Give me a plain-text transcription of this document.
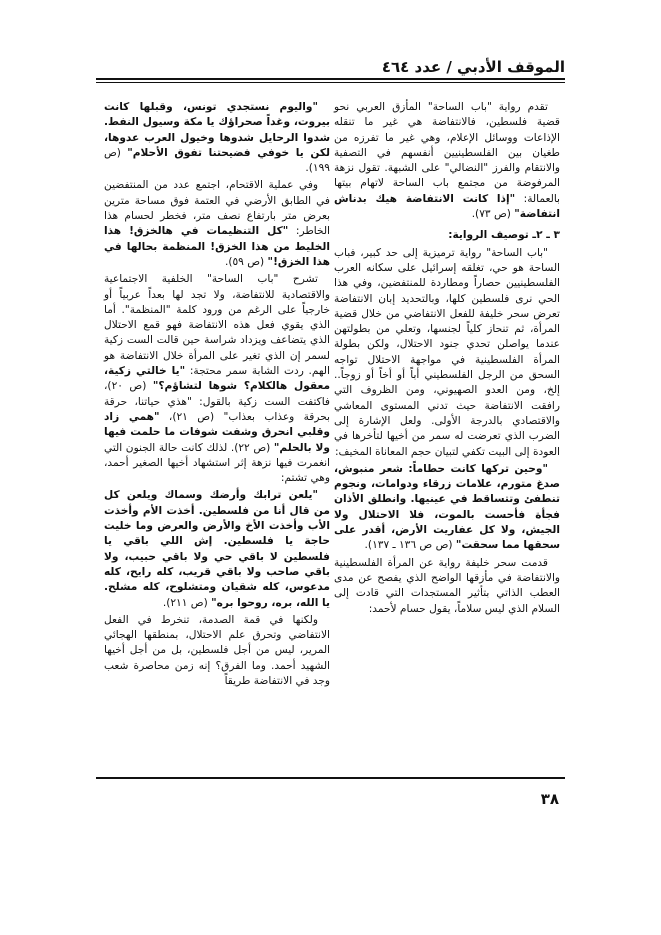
الموقف الأدبي / عدد ٤٦٤

تقدم رواية "باب الساحة" المأزق العربي نحو قضية فلسطين، فالانتفاضة هي غير ما تنقله الإذاعات ووسائل الإعلام، وهي غير ما تفرزه من طغيان بين الفلسطينيين أنفسهم في التصفية والانتقام والفرز "النضالي" على الشبهة. تقول نزهة المرفوضة من مجتمع باب الساحة لاتهام بيتها بالعمالة: "إذا كانت الانتفاضة هيك بدناش انتفاضة" (ص ٧٣).

٣ ـ ٢ـ توصيف الرواية:

"باب الساحة" رواية ترميزية إلى حد كبير، فباب الساحة هو حي، تغلقه إسرائيل على سكانه العرب الفلسطينيين حصاراً ومطاردة للمنتفضين، وفي هذا الحي نرى فلسطين كلها، وبالتحديد إبان الانتفاضة تعرض سحر خليفة للفعل الانتفاضي من خلال قضية المرأة، ثم تنحاز كلياً لجنسها، وتعلي من بطولتهن عندما يواصلن تحدي جنود الاحتلال، ولكن بطولة المرأة الفلسطينية في مواجهة الاحتلال تواجه السحق من الرجل الفلسطيني أباً أو أخاً أو زوجاً.. إلخ، ومن العدو الصهيوني، ومن الظروف التي رافقت الانتفاضة حيث تدني المستوى المعاشي والاقتصادي بالدرجة الأولى. ولعل الإشارة إلى الضرب الذي تعرضت له سمر من أخيها لتأخرها في العودة إلى البيت تكفي لتبيان حجم المعاناة المخيف:

"وحين تركها كانت حطاماً: شعر منبوش، صدغ متورم، علامات زرقاء ودوامات، ونجوم تنطفئ وتتساقط في عينيها. وانطلق الأذان فجأة فأحست بالموت، فلا الاحتلال ولا الجيش، ولا كل عفاريت الأرض، أقدر على سحقها مما سحقت" (ص ص ١٣٦ ـ ١٣٧).

قدمت سحر خليفة رواية عن المرأة الفلسطينية والانتفاضة في مأزقها الواضح الذي يفصح عن مدى العطب الذاتي بتأثير المستجدات التي قادت إلى السلام الذي ليس سلاماً، يقول حسام لأحمد:

"واليوم نستجدي تونس، وقبلها كانت بيروت، وغداً صحراؤك يا مكة وسيول النفط. شدوا الرحايل شدوها وخيول العرب عدوها، لكن يا خوفي فضيحتنا تفوق الأحلام" (ص ١٩٩).

وفي عملية الاقتحام، اجتمع عدد من المنتفضين في الطابق الأرضي في العتمة فوق مساحة مترين بعرض متر بارتفاع نصف متر، فخطر لحسام هذا الخاطر: "كل التنظيمات في هالخزق! هذا الخليط من هذا الخزق! المنظمة بحالها في هذا الخزق!" (ص ٥٩).

تشرح "باب الساحة" الخلفية الاجتماعية والاقتصادية للانتفاضة، ولا تجد لها بعداً عربياً أو خارجياً على الرغم من ورود كلمة "المنظمة". أما الذي يقوي فعل هذه الانتفاضة فهو قمع الاحتلال الذي يتضاعف ويزداد شراسة حين قالت الست زكية لسمر إن الذي تغير على المرأة خلال الانتفاضة هو الهم. ردت الشابة سمر محتجة: "يا خالتي زكية، معقول هالكلام؟ شوها لتشاؤم؟" (ص ٢٠)، فاكتفت الست زكية بالقول: "هذي حياتنا، حرقة بحرقة وعذاب بعذاب" (ص ٢١)، "همي زاد وقلبي انحرق وشفت شوفات ما حلمت فيها ولا بالحلم" (ص ٢٢). لذلك كانت حالة الجنون التي انغمرت فيها نزهة إثر استشهاد أخيها الصغير أحمد، وهي تشتم:

"يلعن ترابك وأرضك وسماك ويلعن كل من قال أنا من فلسطين. أخذت الأم وأخذت الأب وأخذت الأخ والأرض والعرض وما خليت حاجة يا فلسطين. إش اللي باقي يا فلسطين لا باقي حي ولا باقي حبيب، ولا باقي صاحب ولا باقي قريب، كله رايح، كله مدعوس، كله شقيان ومتشلوح، كله مشلح. يا الله، بره، روحوا بره" (ص ٢١١).

ولكنها في قمة الصدمة، تنخرط في الفعل الانتفاضي وتحرق علم الاحتلال، بمنطقها الهجائي المرير، ليس من أجل فلسطين، بل من أجل أخيها الشهيد أحمد. وما الفرق؟ إنه زمن محاصرة شعب وجد في الانتفاضة طريقاً

٣٨
